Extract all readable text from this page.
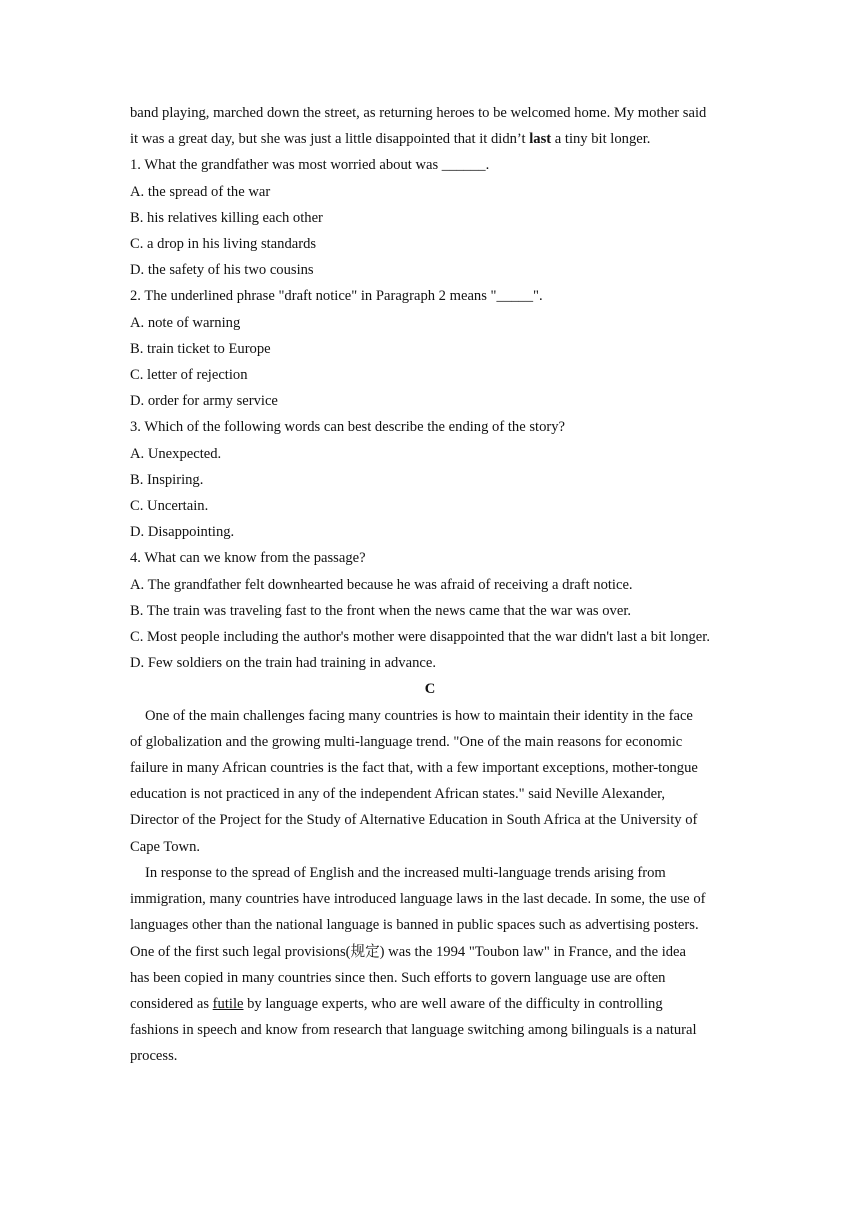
band playing, marched down the street, as returning heroes to be welcomed home. My mother said
it was a great day, but she was just a little disappointed that it didn’t last a tiny bit longer.
1. What the grandfather was most worried about was ______.
A. the spread of the war
B. his relatives killing each other
C. a drop in his living standards
D. the safety of his two cousins
2. The underlined phrase "draft notice" in Paragraph 2 means "_____".
A. note of warning
B. train ticket to Europe
C. letter of rejection
D. order for army service
3. Which of the following words can best describe the ending of the story?
A. Unexpected.
B. Inspiring.
C. Uncertain.
D. Disappointing.
4. What can we know from the passage?
A. The grandfather felt downhearted because he was afraid of receiving a draft notice.
B. The train was traveling fast to the front when the news came that the war was over.
C. Most people including the author's mother were disappointed that the war didn't last a bit longer.
D. Few soldiers on the train had training in advance.
C
One of the main challenges facing many countries is how to maintain their identity in the face
of globalization and the growing multi-language trend. "One of the main reasons for economic
failure in many African countries is the fact that, with a few important exceptions, mother-tongue
education is not practiced in any of the independent African states." said Neville Alexander,
Director of the Project for the Study of Alternative Education in South Africa at the University of
Cape Town.
In response to the spread of English and the increased multi-language trends arising from
immigration, many countries have introduced language laws in the last decade. In some, the use of
languages other than the national language is banned in public spaces such as advertising posters.
One of the first such legal provisions(规定) was the 1994 "Toubon law" in France, and the idea
has been copied in many countries since then. Such efforts to govern language use are often
considered as futile by language experts, who are well aware of the difficulty in controlling
fashions in speech and know from research that language switching among bilinguals is a natural
process.
